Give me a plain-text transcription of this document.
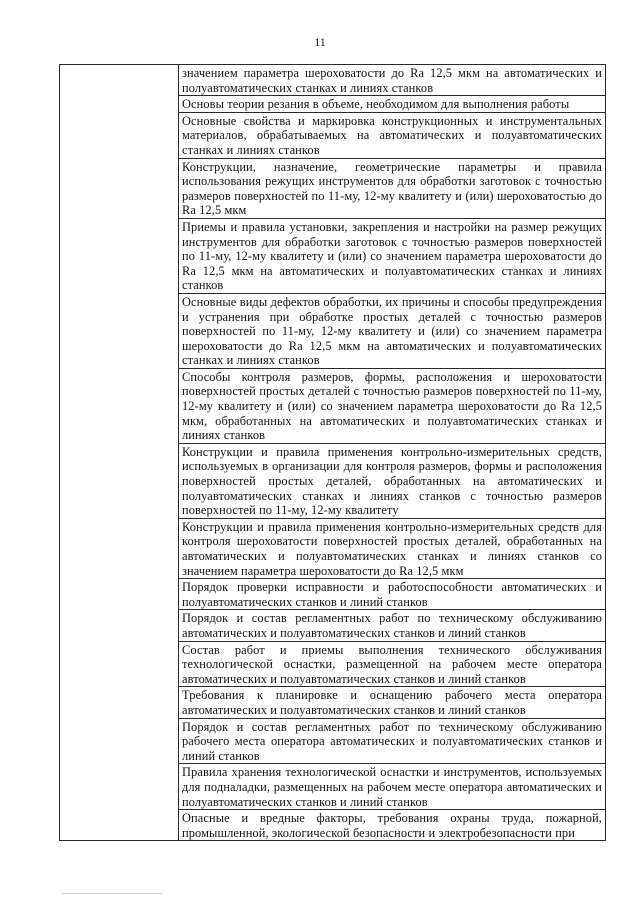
11

значением параметра шероховатости до Ra 12,5 мкм на автоматических и полуавтоматических станках и линиях станков

Основы теории резания в объеме, необходимом для выполнения работы

Основные свойства и маркировка конструкционных и инструментальных материалов, обрабатываемых на автоматических и полуавтоматических станках и линиях станков

Конструкции, назначение, геометрические параметры и правила использования режущих инструментов для обработки заготовок с точностью размеров поверхностей по 11-му, 12-му квалитету и (или) шероховатостью до Ra 12,5 мкм

Приемы и правила установки, закрепления и настройки на размер режущих инструментов для обработки заготовок с точностью размеров поверхностей по 11-му, 12-му квалитету и (или) со значением параметра шероховатости до Ra 12,5 мкм на автоматических и полуавтоматических станках и линиях станков

Основные виды дефектов обработки, их причины и способы предупреждения и устранения при обработке простых деталей с точностью размеров поверхностей по 11-му, 12-му квалитету и (или) со значением параметра шероховатости до Ra 12,5 мкм на автоматических и полуавтоматических станках и линиях станков

Способы контроля размеров, формы, расположения и шероховатости поверхностей простых деталей с точностью размеров поверхностей по 11-му, 12-му квалитету и (или) со значением параметра шероховатости до Ra 12,5 мкм, обработанных на автоматических и полуавтоматических станках и линиях станков

Конструкции и правила применения контрольно-измерительных средств, используемых в организации для контроля размеров, формы и расположения поверхностей простых деталей, обработанных на автоматических и полуавтоматических станках и линиях станков с точностью размеров поверхностей по 11-му, 12-му квалитету

Конструкции и правила применения контрольно-измерительных средств для контроля шероховатости поверхностей простых деталей, обработанных на автоматических и полуавтоматических станках и линиях станков со значением параметра шероховатости до Ra 12,5 мкм

Порядок проверки исправности и работоспособности автоматических и полуавтоматических станков и линий станков

Порядок и состав регламентных работ по техническому обслуживанию автоматических и полуавтоматических станков и линий станков

Состав работ и приемы выполнения технического обслуживания технологической оснастки, размещенной на рабочем месте оператора автоматических и полуавтоматических станков и линий станков

Требования к планировке и оснащению рабочего места оператора автоматических и полуавтоматических станков и линий станков

Порядок и состав регламентных работ по техническому обслуживанию рабочего места оператора автоматических и полуавтоматических станков и линий станков

Правила хранения технологической оснастки и инструментов, используемых для подналадки, размещенных на рабочем месте оператора автоматических и полуавтоматических станков и линий станков

Опасные и вредные факторы, требования охраны труда, пожарной, промышленной, экологической безопасности и электробезопасности при
